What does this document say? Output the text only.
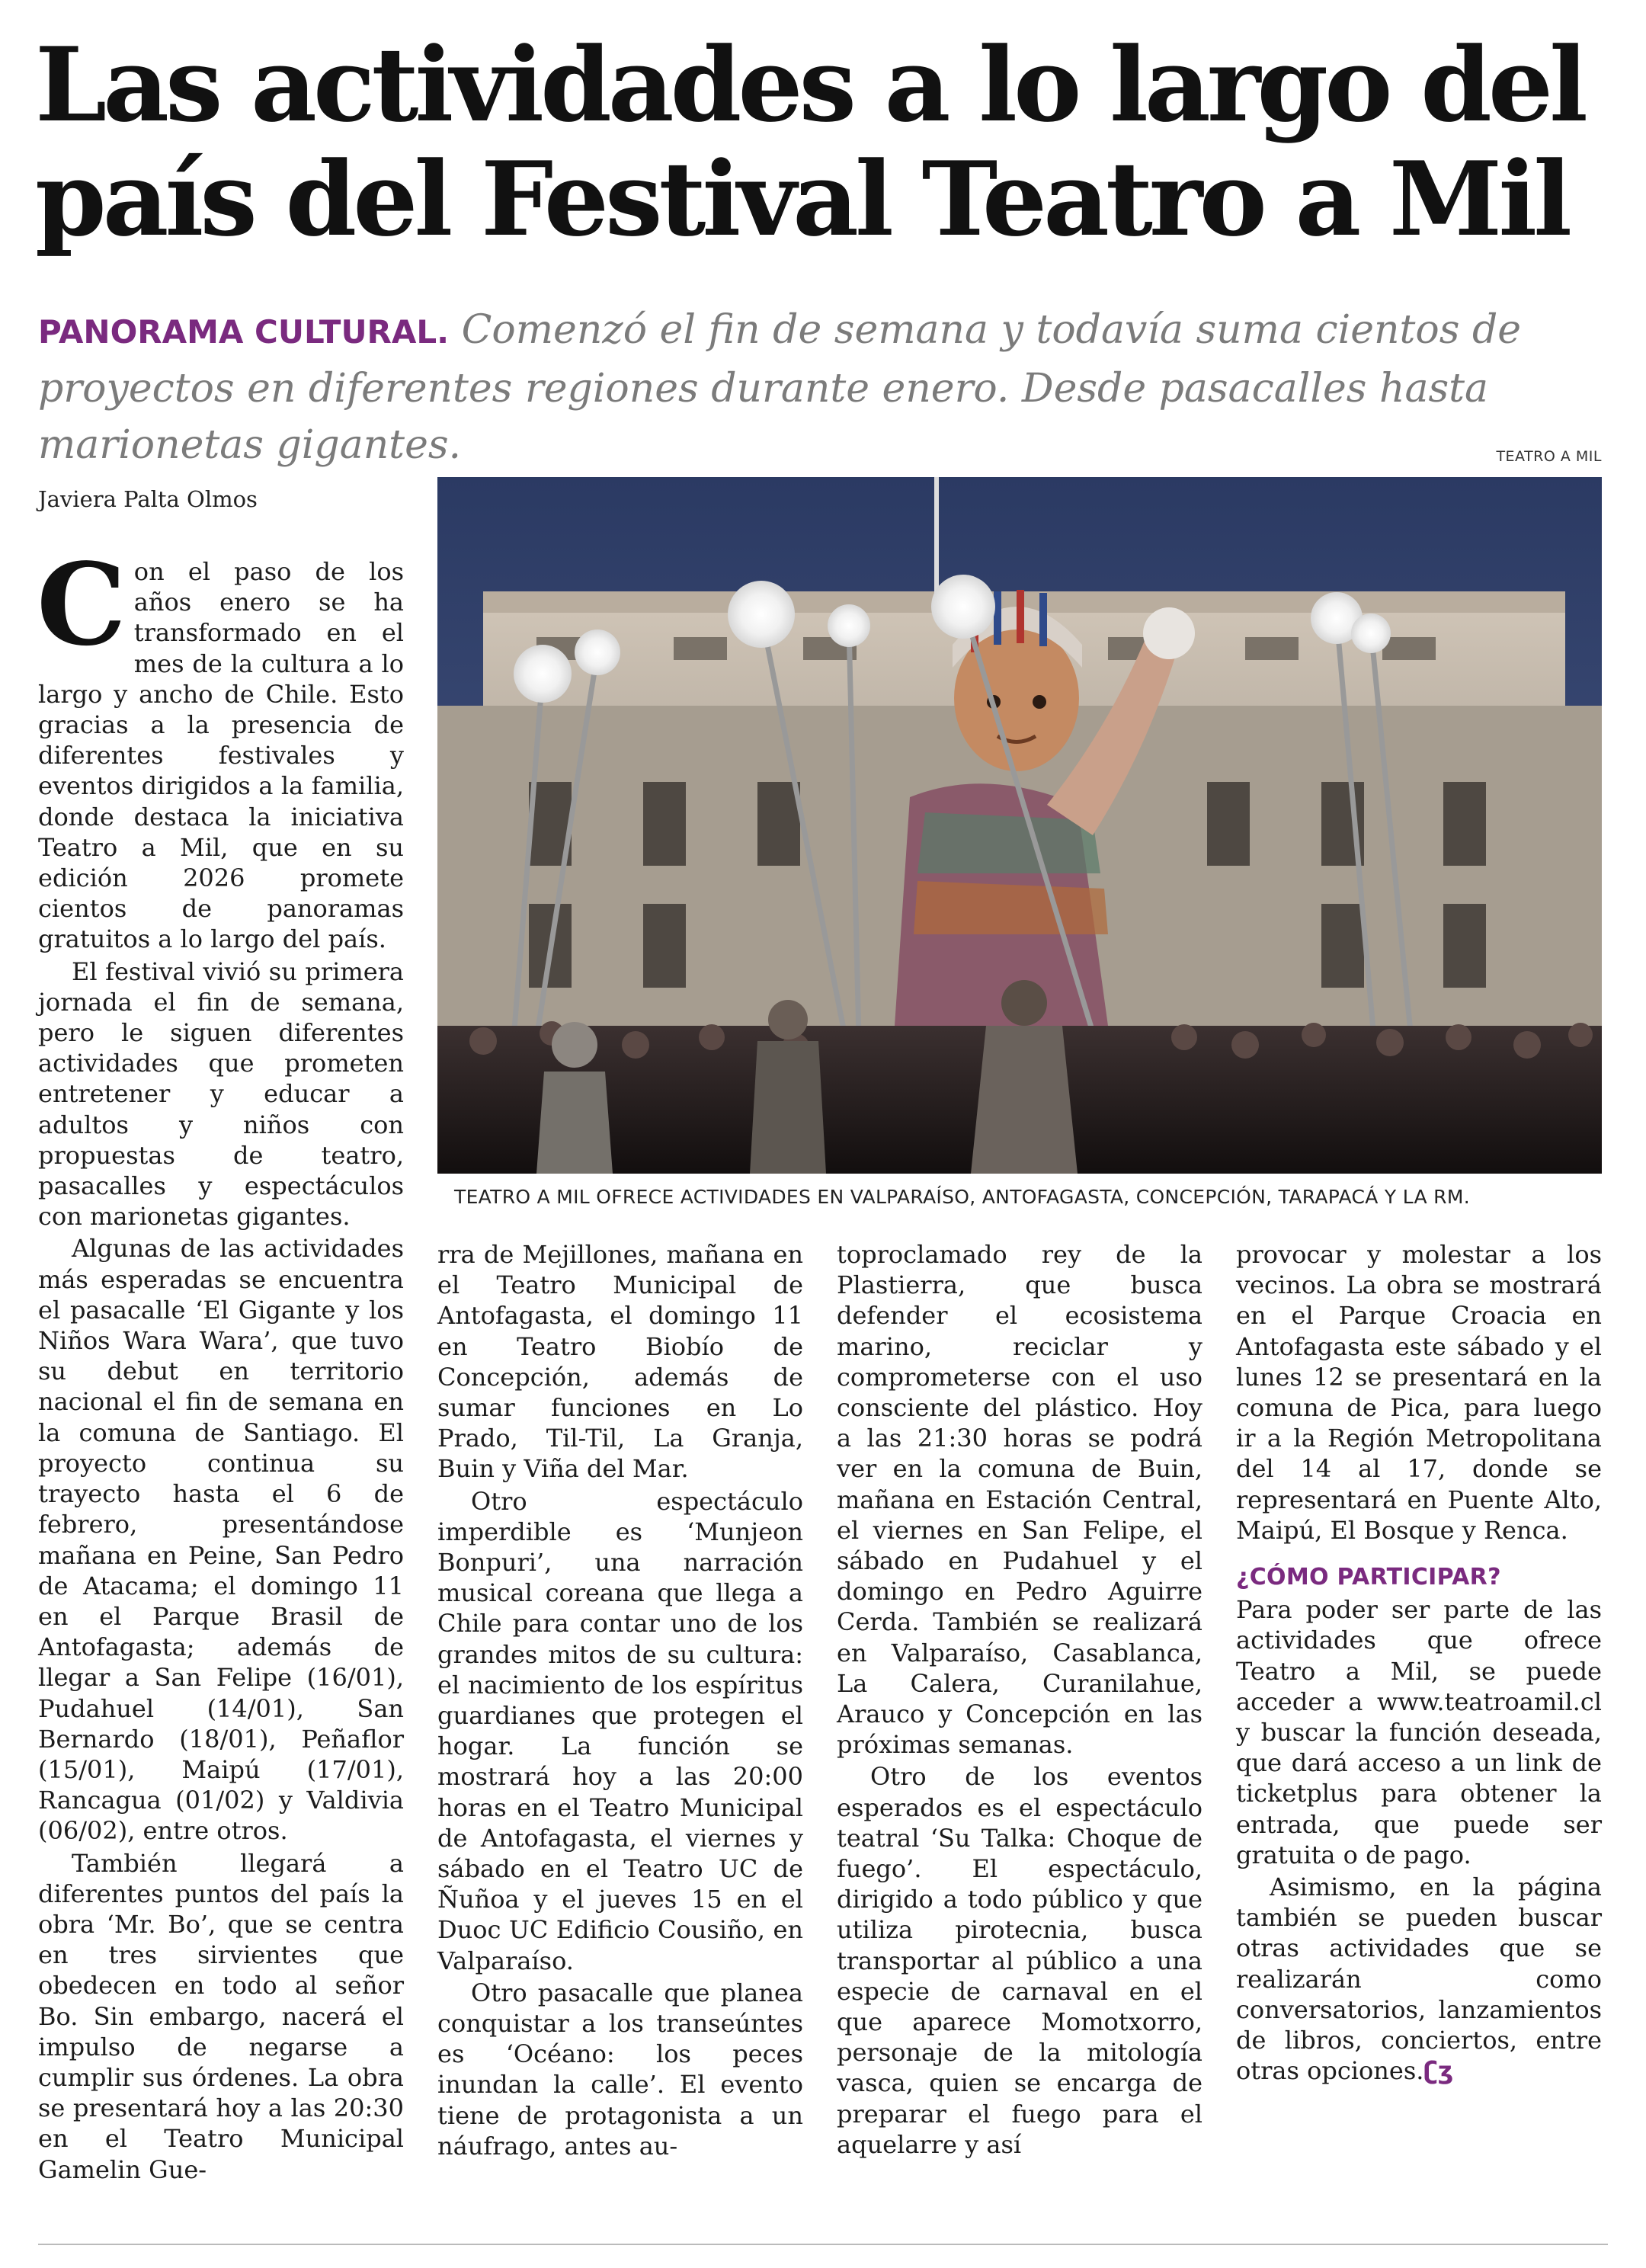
Las actividades a lo largo del país del Festival Teatro a Mil
PANORAMA CULTURAL. Comenzó el fin de semana y todavía suma cientos de proyectos en diferentes regiones durante enero. Desde pasacalles hasta marionetas gigantes.	TEATRO A MIL
Javiera Palta Olmos
TEATRO A MIL OFRECE ACTIVIDADES EN VALPARAÍSO, ANTOFAGASTA, CONCEPCIÓN, TARAPACÁ Y LA RM.

Con el paso de los años enero se ha transformado en el mes de la cultura a lo largo y ancho de Chile. Esto gracias a la presencia de diferentes festivales y eventos dirigidos a la familia, donde destaca la iniciativa Teatro a Mil, que en su edición 2026 promete cientos de panoramas gratuitos a lo largo del país.

El festival vivió su primera jornada el fin de semana, pero le siguen diferentes actividades que prometen entretener y educar a adultos y niños con propuestas de teatro, pasacalles y espectáculos con marionetas gigantes.

Algunas de las actividades más esperadas se encuentra el pasacalle ‘El Gigante y los Niños Wara Wara’, que tuvo su debut en territorio nacional el fin de semana en la comuna de Santiago. El proyecto continua su trayecto hasta el 6 de febrero, presentándose mañana en Peine, San Pedro de Atacama; el domingo 11 en el Parque Brasil de Antofagasta; además de llegar a San Felipe (16/01), Pudahuel (14/01), San Bernardo (18/01), Peñaflor (15/01), Maipú (17/01), Rancagua (01/02) y Valdivia (06/02), entre otros.

También llegará a diferentes puntos del país la obra ‘Mr. Bo’, que se centra en tres sirvientes que obedecen en todo al señor Bo. Sin embargo, nacerá el impulso de negarse a cumplir sus órdenes. La obra se presentará hoy a las 20:30 en el Teatro Municipal Gamelin Gue-

rra de Mejillones, mañana en el Teatro Municipal de Antofagasta, el domingo 11 en Teatro Biobío de Concepción, además de sumar funciones en Lo Prado, Til-Til, La Granja, Buin y Viña del Mar.

Otro espectáculo imperdible es ‘Munjeon Bonpuri’, una narración musical coreana que llega a Chile para contar uno de los grandes mitos de su cultura: el nacimiento de los espíritus guardianes que protegen el hogar. La función se mostrará hoy a las 20:00 horas en el Teatro Municipal de Antofagasta, el viernes y sábado en el Teatro UC de Ñuñoa y el jueves 15 en el Duoc UC Edificio Cousiño, en Valparaíso.

Otro pasacalle que planea conquistar a los transeúntes es ‘Océano: los peces inundan la calle’. El evento tiene de protagonista a un náufrago, antes au-

toproclamado rey de la Plastierra, que busca defender el ecosistema marino, reciclar y comprometerse con el uso consciente del plástico. Hoy a las 21:30 horas se podrá ver en la comuna de Buin, mañana en Estación Central, el viernes en San Felipe, el sábado en Pudahuel y el domingo en Pedro Aguirre Cerda. También se realizará en Valparaíso, Casablanca, La Calera, Curanilahue, Arauco y Concepción en las próximas semanas.

Otro de los eventos esperados es el espectáculo teatral ‘Su Talka: Choque de fuego’. El espectáculo, dirigido a todo público y que utiliza pirotecnia, busca transportar al público a una especie de carnaval en el que aparece Momotxorro, personaje de la mitología vasca, quien se encarga de preparar el fuego para el aquelarre y así

provocar y molestar a los vecinos. La obra se mostrará en el Parque Croacia en Antofagasta este sábado y el lunes 12 se presentará en la comuna de Pica, para luego ir a la Región Metropolitana del 14 al 17, donde se representará en Puente Alto, Maipú, El Bosque y Renca.

¿CÓMO PARTICIPAR?

Para poder ser parte de las actividades que ofrece Teatro a Mil, se puede acceder a www.teatroamil.cl y buscar la función deseada, que dará acceso a un link de ticketplus para obtener la entrada, que puede ser gratuita o de pago.

Asimismo, en la página también se pueden buscar otras actividades que se realizarán como conversatorios, lanzamientos de libros, conciertos, entre otras opciones.ʗʒ
